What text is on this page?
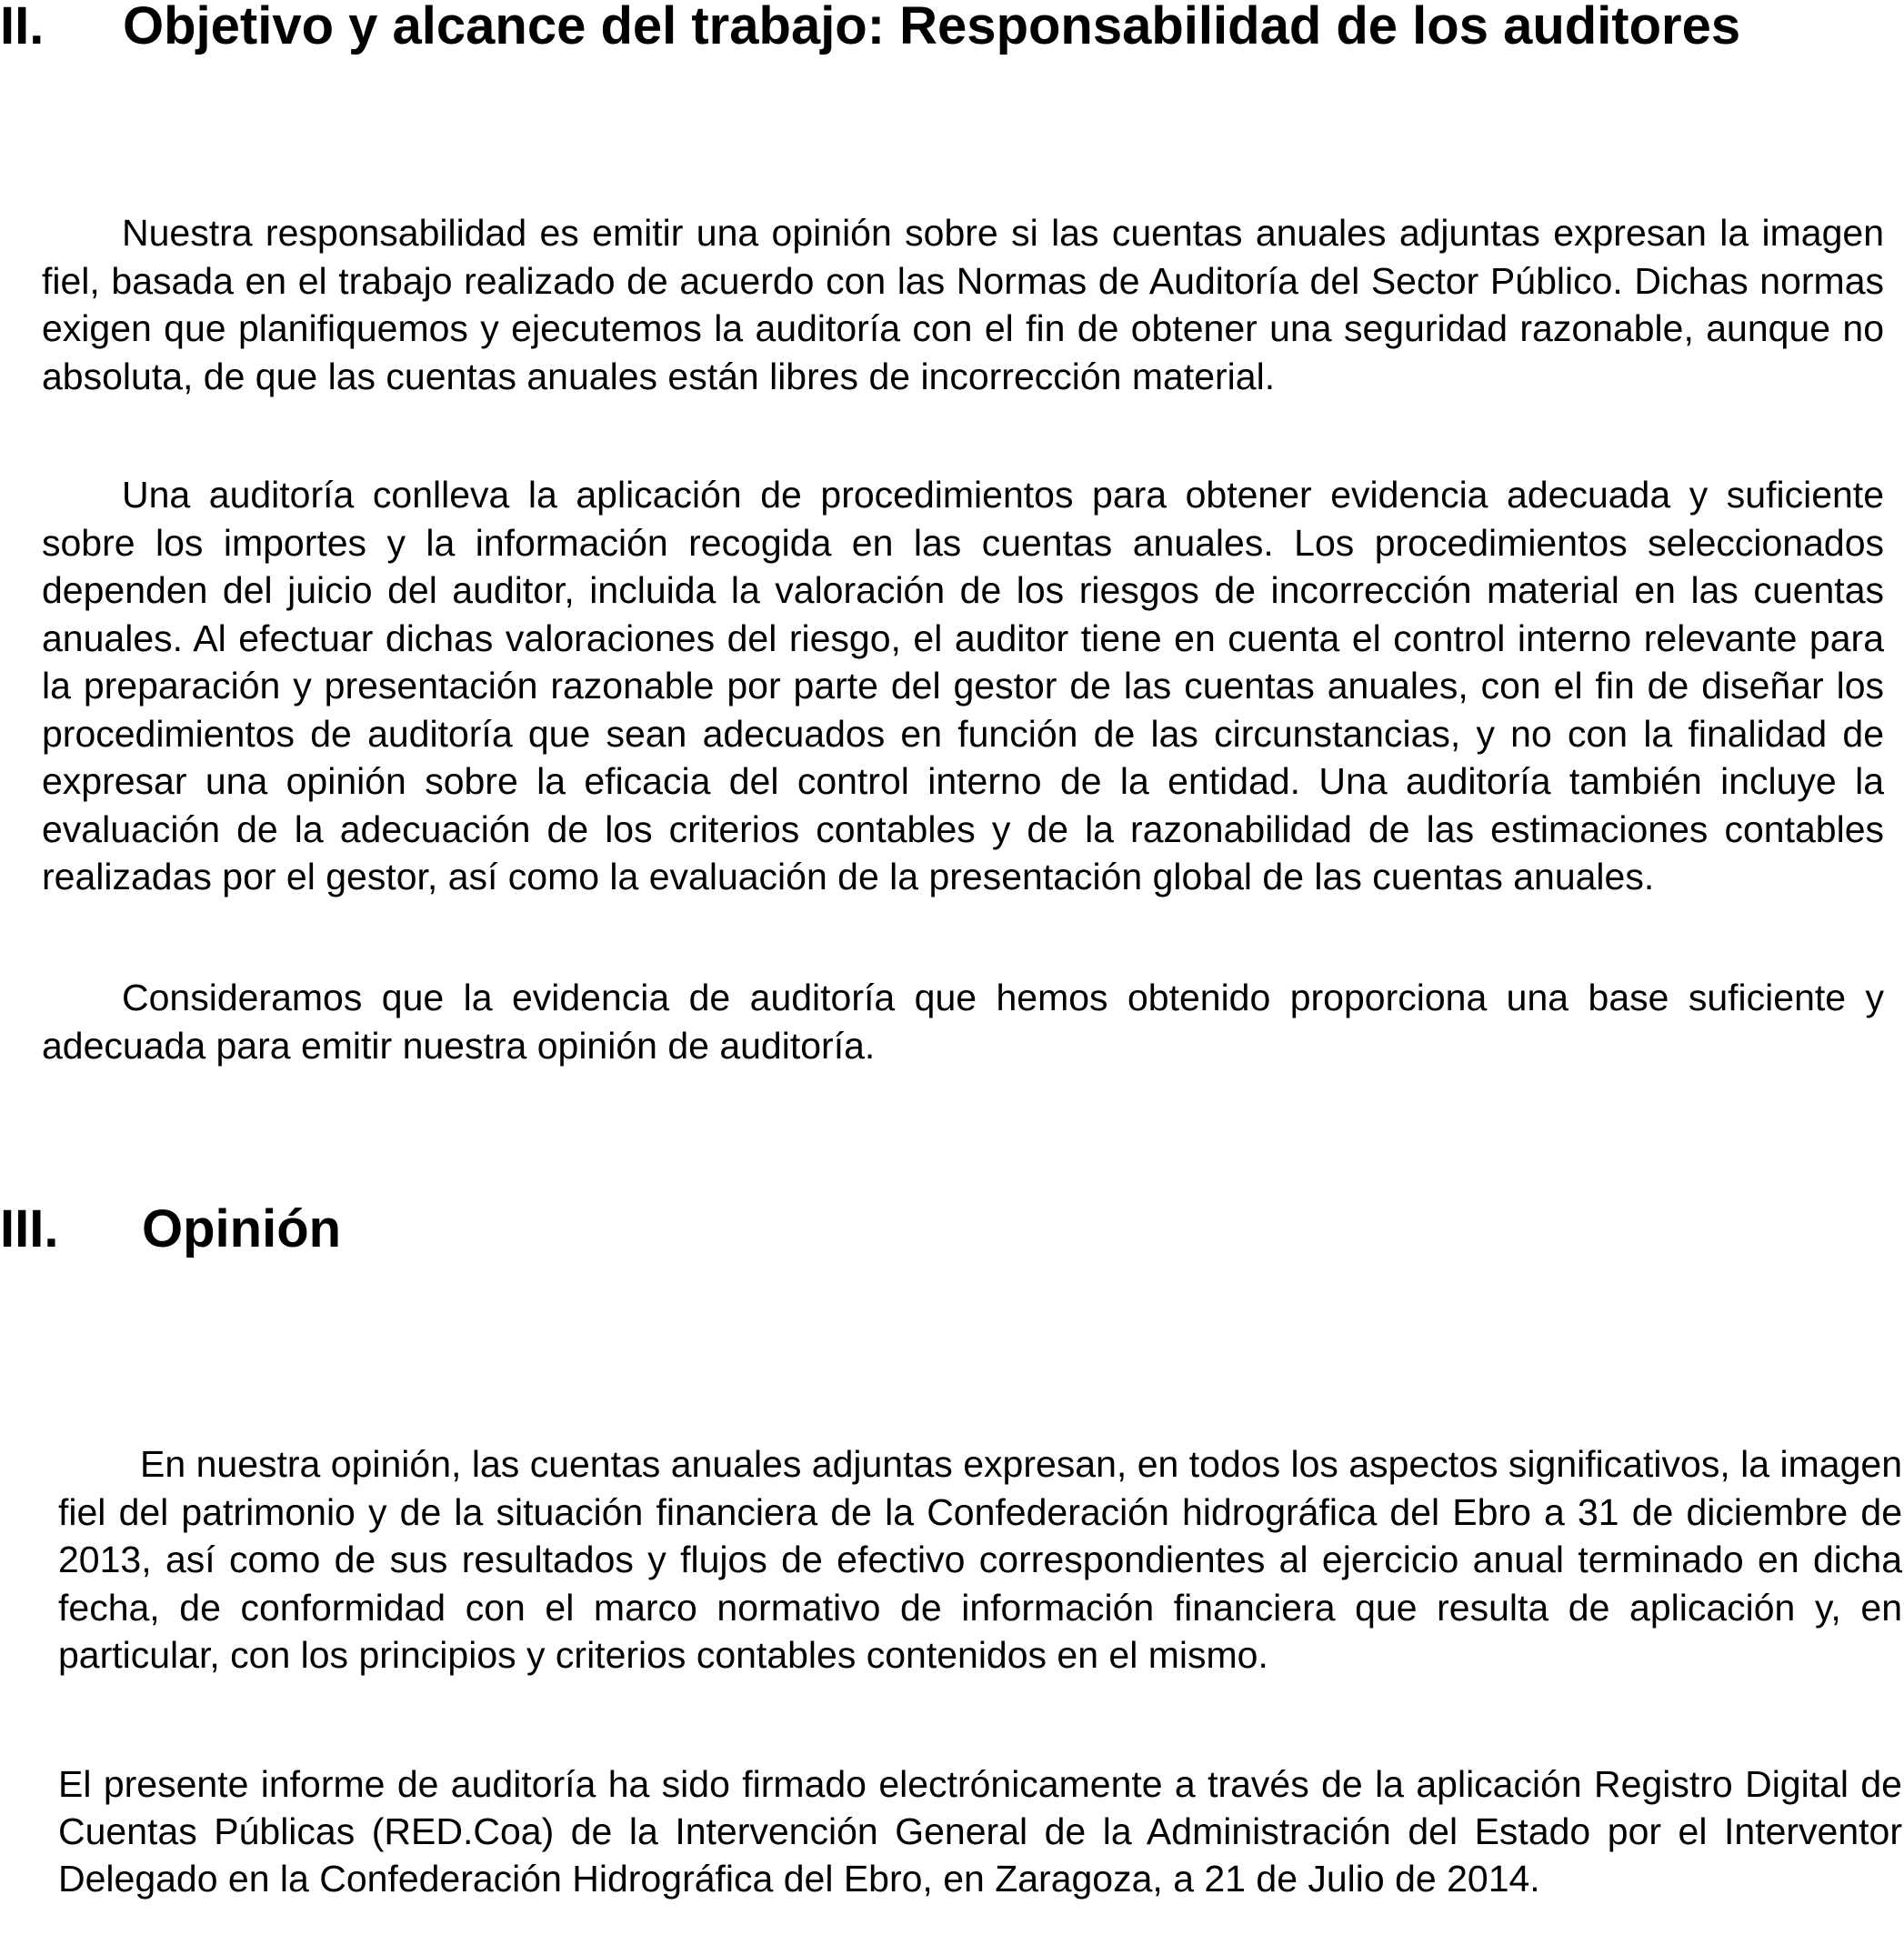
II. Objetivo y alcance del trabajo: Responsabilidad de los auditores

Nuestra responsabilidad es emitir una opinión sobre si las cuentas anuales adjuntas expresan la imagen fiel, basada en el trabajo realizado de acuerdo con las Normas de Auditoría del Sector Público. Dichas normas exigen que planifiquemos y ejecutemos la auditoría con el fin de obtener una seguridad razonable, aunque no absoluta, de que las cuentas anuales están libres de incorrección material.

Una auditoría conlleva la aplicación de procedimientos para obtener evidencia adecuada y suficiente sobre los importes y la información recogida en las cuentas anuales. Los procedimientos seleccionados dependen del juicio del auditor, incluida la valoración de los riesgos de incorrección material en las cuentas anuales. Al efectuar dichas valoraciones del riesgo, el auditor tiene en cuenta el control interno relevante para la preparación y presentación razonable por parte del gestor de las cuentas anuales, con el fin de diseñar los procedimientos de auditoría que sean adecuados en función de las circunstancias, y no con la finalidad de expresar una opinión sobre la eficacia del control interno de la entidad. Una auditoría también incluye la evaluación de la adecuación de los criterios contables y de la razonabilidad de las estimaciones contables realizadas por el gestor, así como la evaluación de la presentación global de las cuentas anuales.

Consideramos que la evidencia de auditoría que hemos obtenido proporciona una base suficiente y adecuada para emitir nuestra opinión de auditoría.

III. Opinión

En nuestra opinión, las cuentas anuales adjuntas expresan, en todos los aspectos significativos, la imagen fiel del patrimonio y de la situación financiera de la Confederación hidrográfica del Ebro a 31 de diciembre de 2013, así como de sus resultados y flujos de efectivo correspondientes al ejercicio anual terminado en dicha fecha, de conformidad con el marco normativo de información financiera que resulta de aplicación y, en particular, con los principios y criterios contables contenidos en el mismo.

El presente informe de auditoría ha sido firmado electrónicamente a través de la aplicación Registro Digital de Cuentas Públicas (RED.Coa) de la Intervención General de la Administración del Estado por el Interventor Delegado en la Confederación Hidrográfica del Ebro, en Zaragoza, a 21 de Julio de 2014.
